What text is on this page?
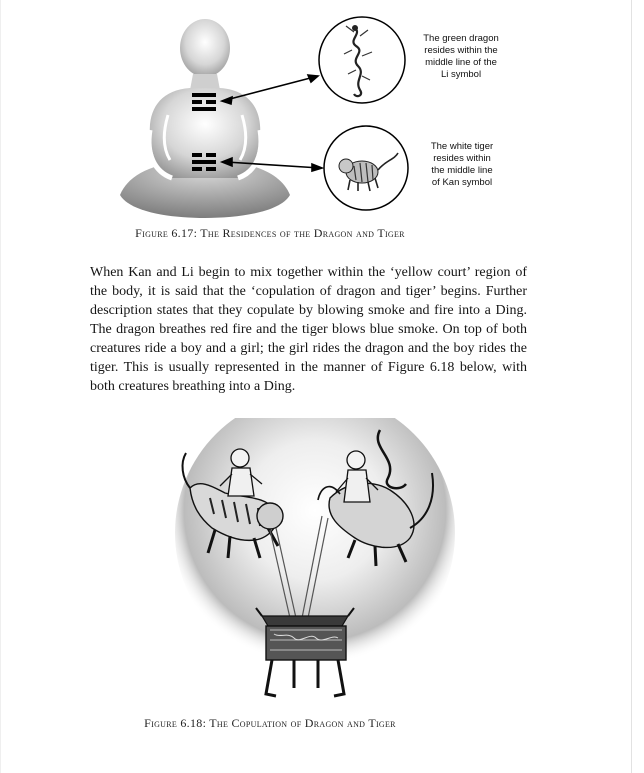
The green dragon
resides within the
middle line of the
Li symbol
The white tiger
resides within
the middle line
of Kan symbol
Figure 6.17: The Residences of the Dragon and Tiger

When Kan and Li begin to mix together within the ‘yellow court’ region of the body, it is said that the ‘copulation of dragon and tiger’ begins. Further description states that they copulate by blowing smoke and fire into a Ding. The dragon breathes red fire and the tiger blows blue smoke. On top of both creatures ride a boy and a girl; the girl rides the dragon and the boy rides the tiger. This is usually represented in the manner of Figure 6.18 below, with both creatures breathing into a Ding.

Figure 6.18: The Copulation of Dragon and Tiger
